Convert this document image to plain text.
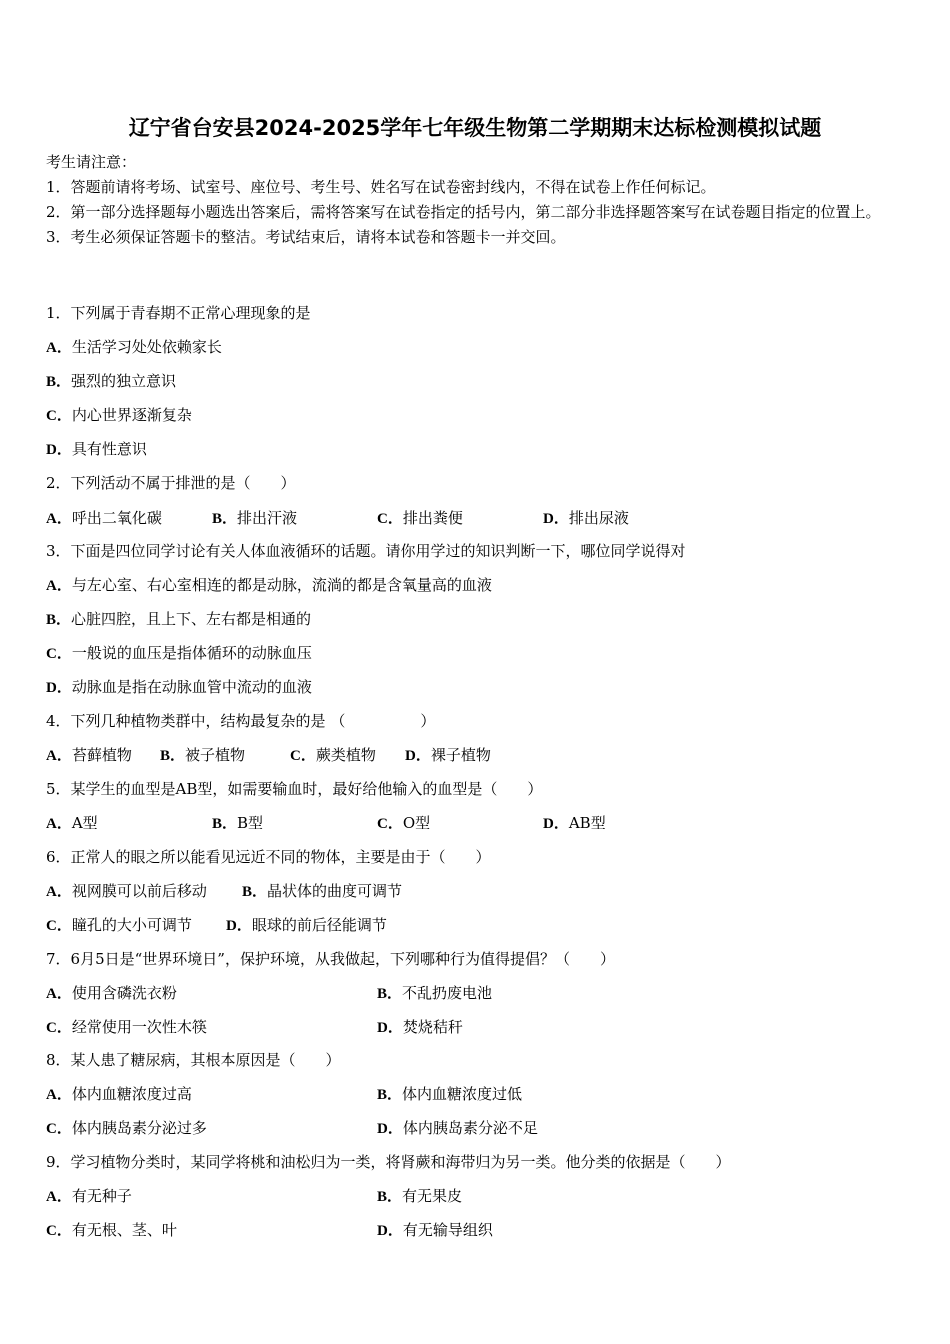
辽宁省台安县2024-2025学年七年级生物第二学期期末达标检测模拟试题
考生请注意：
1．答题前请将考场、试室号、座位号、考生号、姓名写在试卷密封线内，不得在试卷上作任何标记。
2．第一部分选择题每小题选出答案后，需将答案写在试卷指定的括号内，第二部分非选择题答案写在试卷题目指定的位置上。
3．考生必须保证答题卡的整洁。考试结束后，请将本试卷和答题卡一并交回。
1．下列属于青春期不正常心理现象的是
A．生活学习处处依赖家长
B．强烈的独立意识
C．内心世界逐渐复杂
D．具有性意识
2．下列活动不属于排泄的是（　　）
A．呼出二氧化碳	B．排出汗液	C．排出粪便	D．排出尿液
3．下面是四位同学讨论有关人体血液循环的话题。请你用学过的知识判断一下，哪位同学说得对
A．与左心室、右心室相连的都是动脉，流淌的都是含氧量高的血液
B．心脏四腔，且上下、左右都是相通的
C．一般说的血压是指体循环的动脉血压
D．动脉血是指在动脉血管中流动的血液
4．下列几种植物类群中，结构最复杂的是 （　　　　　）
A．苔藓植物 B．被子植物	C．蕨类植物 D．裸子植物
5．某学生的血型是AB型，如需要输血时，最好给他输入的血型是（　　）
A．A型	B．B型	C．O型	D．AB型
6．正常人的眼之所以能看见远近不同的物体，主要是由于（　　）
A．视网膜可以前后移动 B．晶状体的曲度可调节
C．瞳孔的大小可调节 D．眼球的前后径能调节
7．6月5日是“世界环境日”，保护环境，从我做起，下列哪种行为值得提倡？（　　）
A．使用含磷洗衣粉	B．不乱扔废电池
C．经常使用一次性木筷	D．焚烧秸秆
8．某人患了糖尿病，其根本原因是（　　）
A．体内血糖浓度过高	B．体内血糖浓度过低
C．体内胰岛素分泌过多	D．体内胰岛素分泌不足
9．学习植物分类时，某同学将桃和油松归为一类，将肾蕨和海带归为另一类。他分类的依据是（　　）
A．有无种子	B．有无果皮
C．有无根、茎、叶	D．有无输导组织
